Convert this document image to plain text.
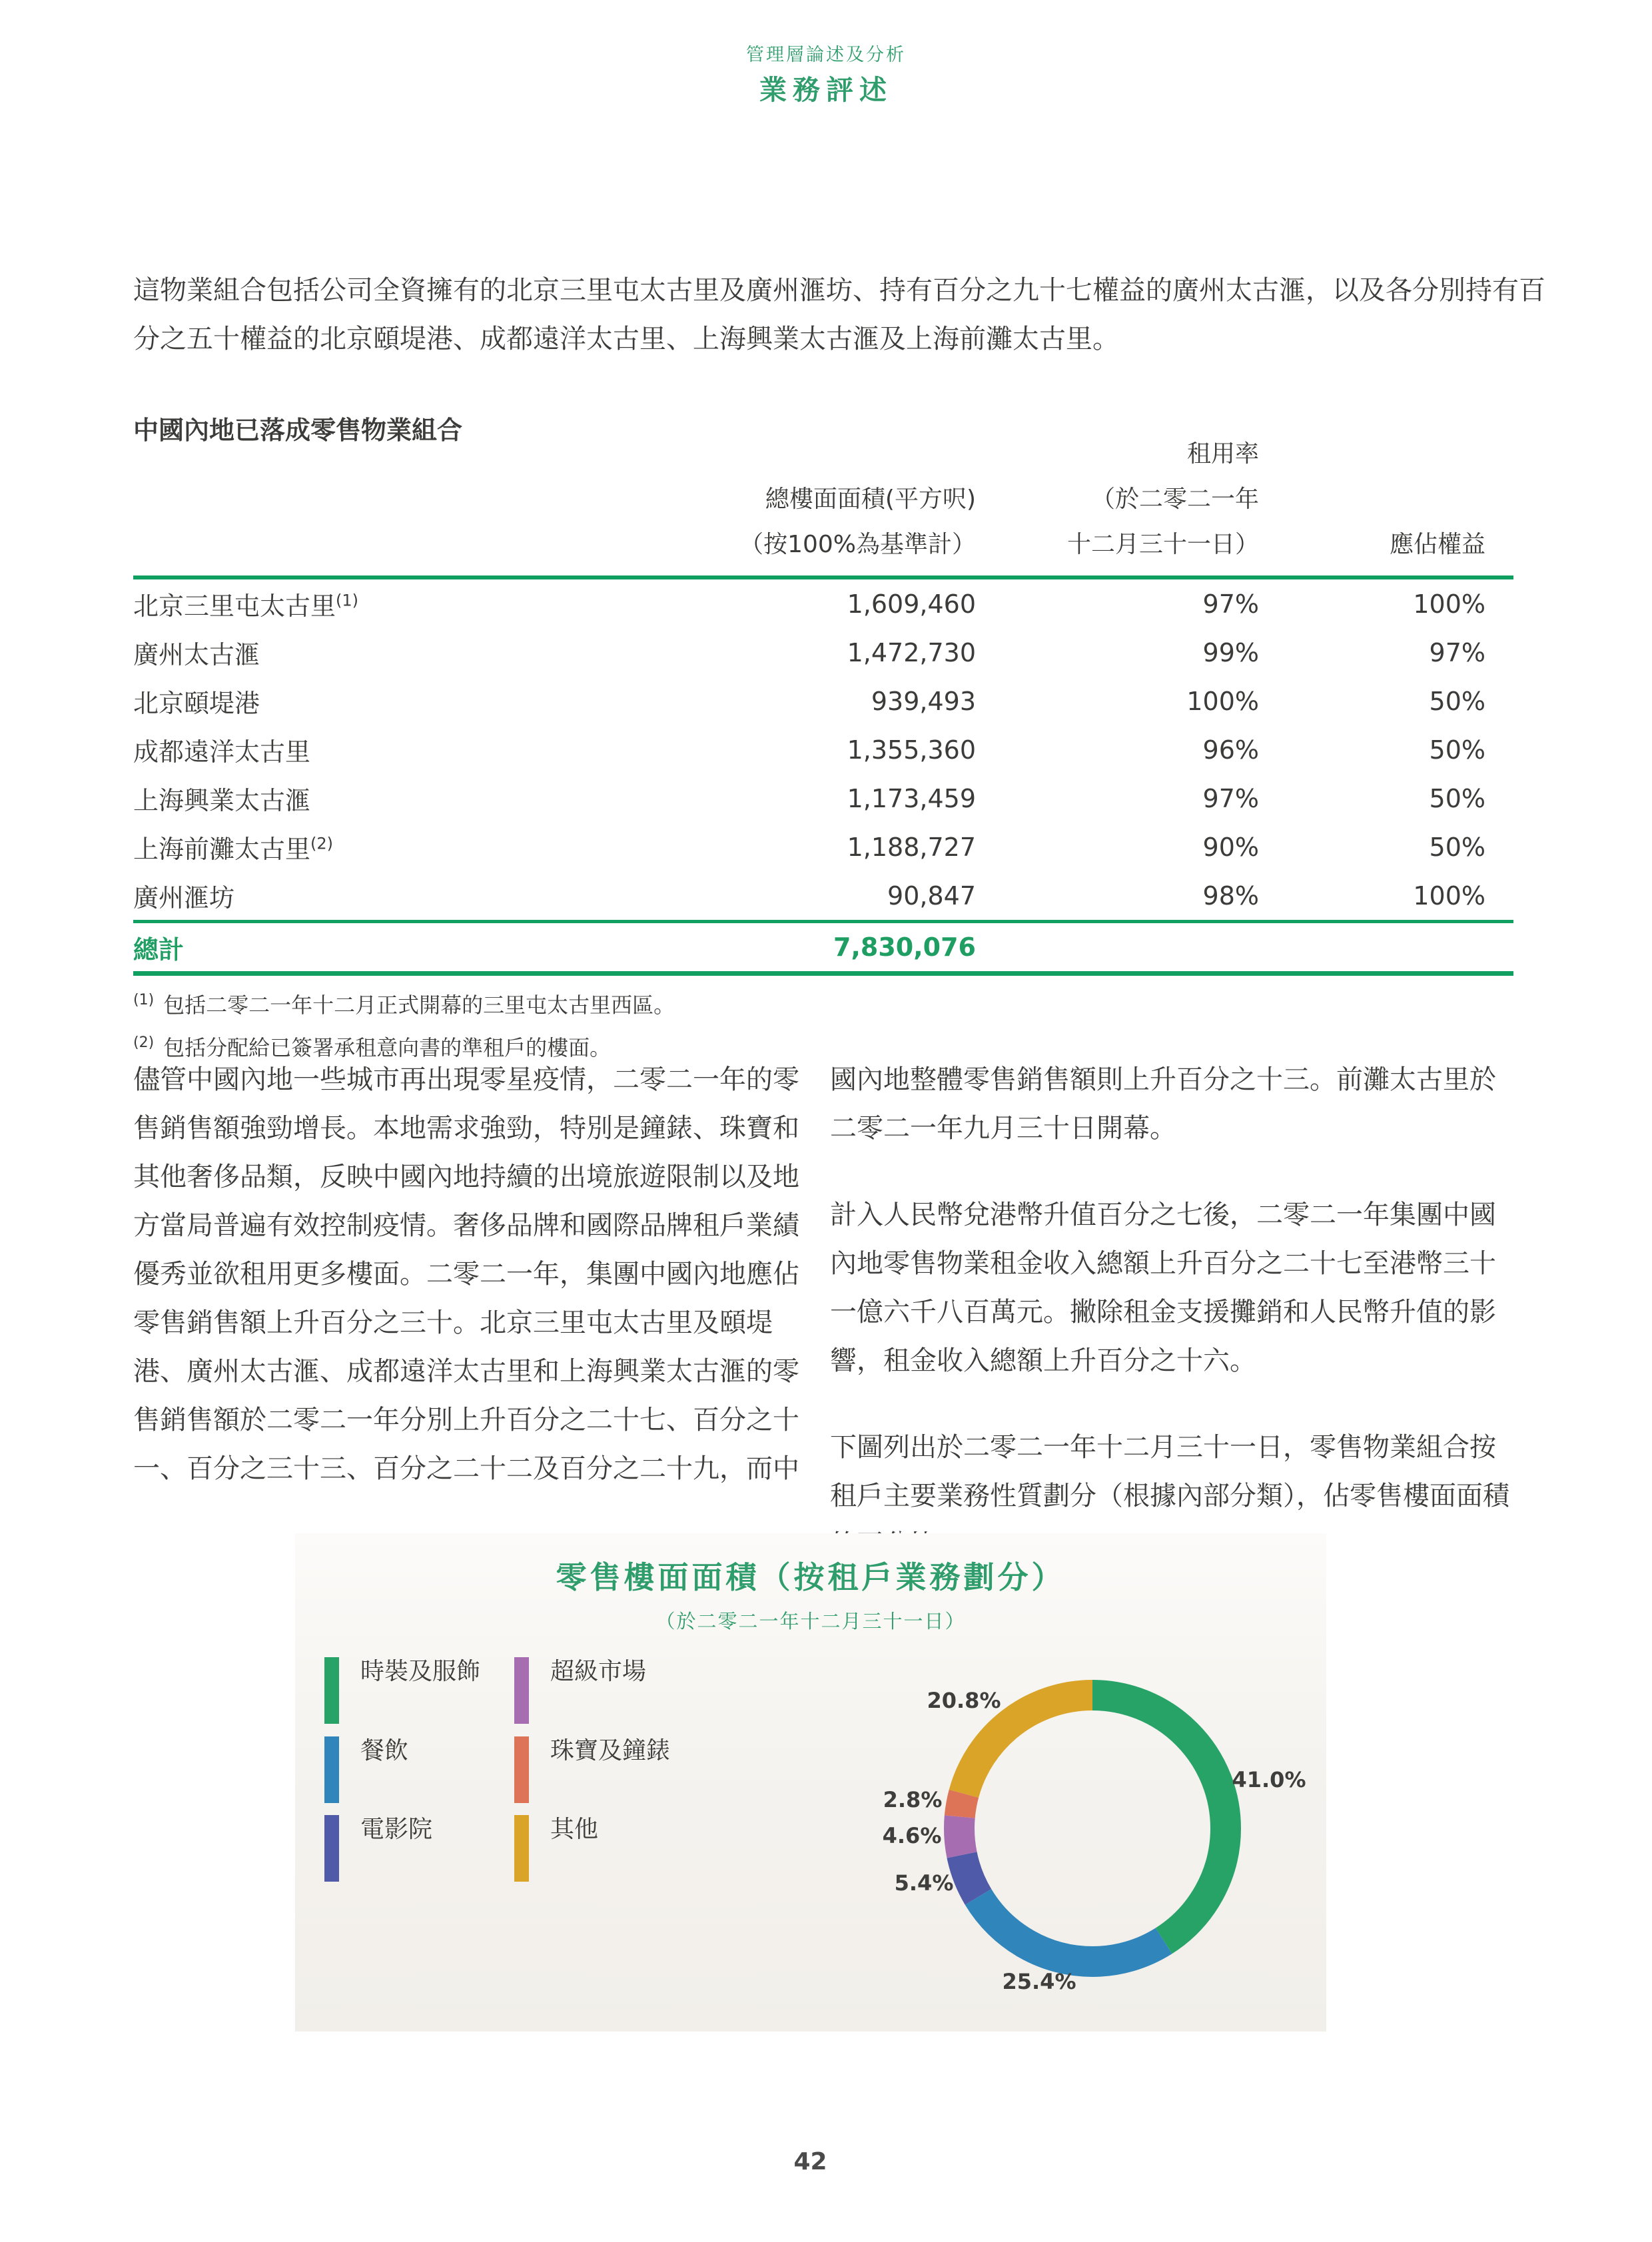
管理層論述及分析
業務評述
這物業組合包括公司全資擁有的北京三里屯太古里及廣州滙坊、持有百分之九十七權益的廣州太古滙，以及各分別持有百
分之五十權益的北京頤堤港、成都遠洋太古里、上海興業太古滙及上海前灘太古里。
中國內地已落成零售物業組合
租用率
總樓面面積(平方呎)	（於二零二一年
（按100%為基準計）	十二月三十一日）	應佔權益
北京三里屯太古里$^{(1)}$	1,609,460	97%	100%
廣州太古滙	1,472,730	99%	97%
北京頤堤港	939,493	100%	50%
成都遠洋太古里	1,355,360	96%	50%
上海興業太古滙	1,173,459	97%	50%
上海前灘太古里$^{(2)}$	1,188,727	90%	50%
廣州滙坊	90,847	98%	100%
總計	7,830,076
$^{(1)}$ 包括二零二一年十二月正式開幕的三里屯太古里西區。
$^{(2)}$ 包括分配給已簽署承租意向書的準租戶的樓面。
儘管中國內地一些城市再出現零星疫情，二零二一年的零
售銷售額強勁增長。本地需求強勁，特別是鐘錶、珠寶和
其他奢侈品類，反映中國內地持續的出境旅遊限制以及地
方當局普遍有效控制疫情。奢侈品牌和國際品牌租戶業績
優秀並欲租用更多樓面。二零二一年，集團中國內地應佔
零售銷售額上升百分之三十。北京三里屯太古里及頤堤
港、廣州太古滙、成都遠洋太古里和上海興業太古滙的零
售銷售額於二零二一年分別上升百分之二十七、百分之十
一、百分之三十三、百分之二十二及百分之二十九，而中
國內地整體零售銷售額則上升百分之十三。前灘太古里於
二零二一年九月三十日開幕。
計入人民幣兌港幣升值百分之七後，二零二一年集團中國
內地零售物業租金收入總額上升百分之二十七至港幣三十
一億六千八百萬元。撇除租金支援攤銷和人民幣升值的影
響，租金收入總額上升百分之十六。
下圖列出於二零二一年十二月三十一日，零售物業組合按
租戶主要業務性質劃分（根據內部分類），佔零售樓面面積
零售樓面面積（按租戶業務劃分）
（於二零二一年十二月三十一日）
時裝及服飾
餐飲
電影院
超級市場
珠寶及鐘錶
其他
41.0%
25.4%
5.4%
4.6%
2.8%
20.8%
42
